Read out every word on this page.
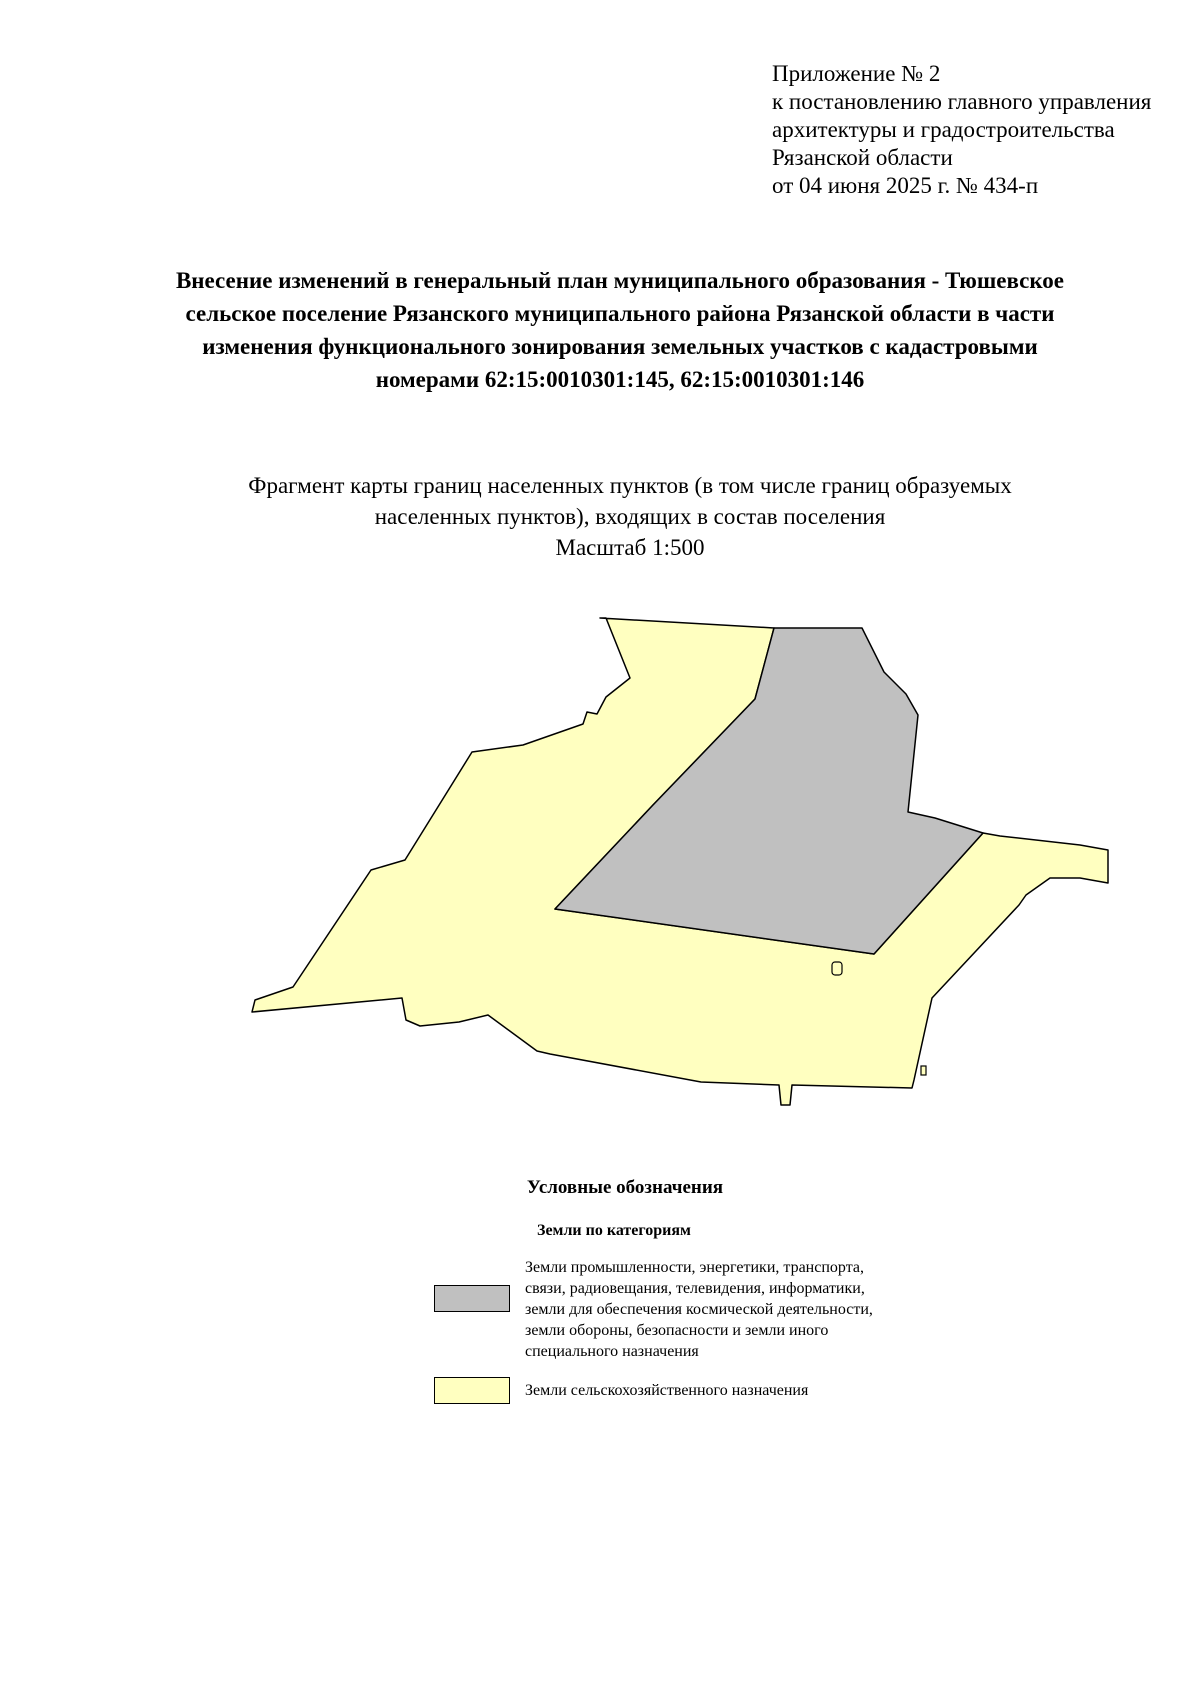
Приложение № 2
к постановлению главного управления
архитектуры и градостроительства
Рязанской области
от 04 июня 2025 г. № 434-п
Внесение изменений в генеральный план муниципального образования - Тюшевское
сельское поселение Рязанского муниципального района Рязанской области в части
изменения функционального зонирования земельных участков с кадастровыми
номерами 62:15:0010301:145, 62:15:0010301:146
Фрагмент карты границ населенных пунктов (в том числе границ образуемых
населенных пунктов), входящих в состав поселения
Масштаб 1:500
Условные обозначения
Земли по категориям
Земли промышленности, энергетики, транспорта,
связи, радиовещания, телевидения, информатики,
земли для обеспечения космической деятельности,
земли обороны, безопасности и земли иного
специального назначения
Земли сельскохозяйственного назначения
